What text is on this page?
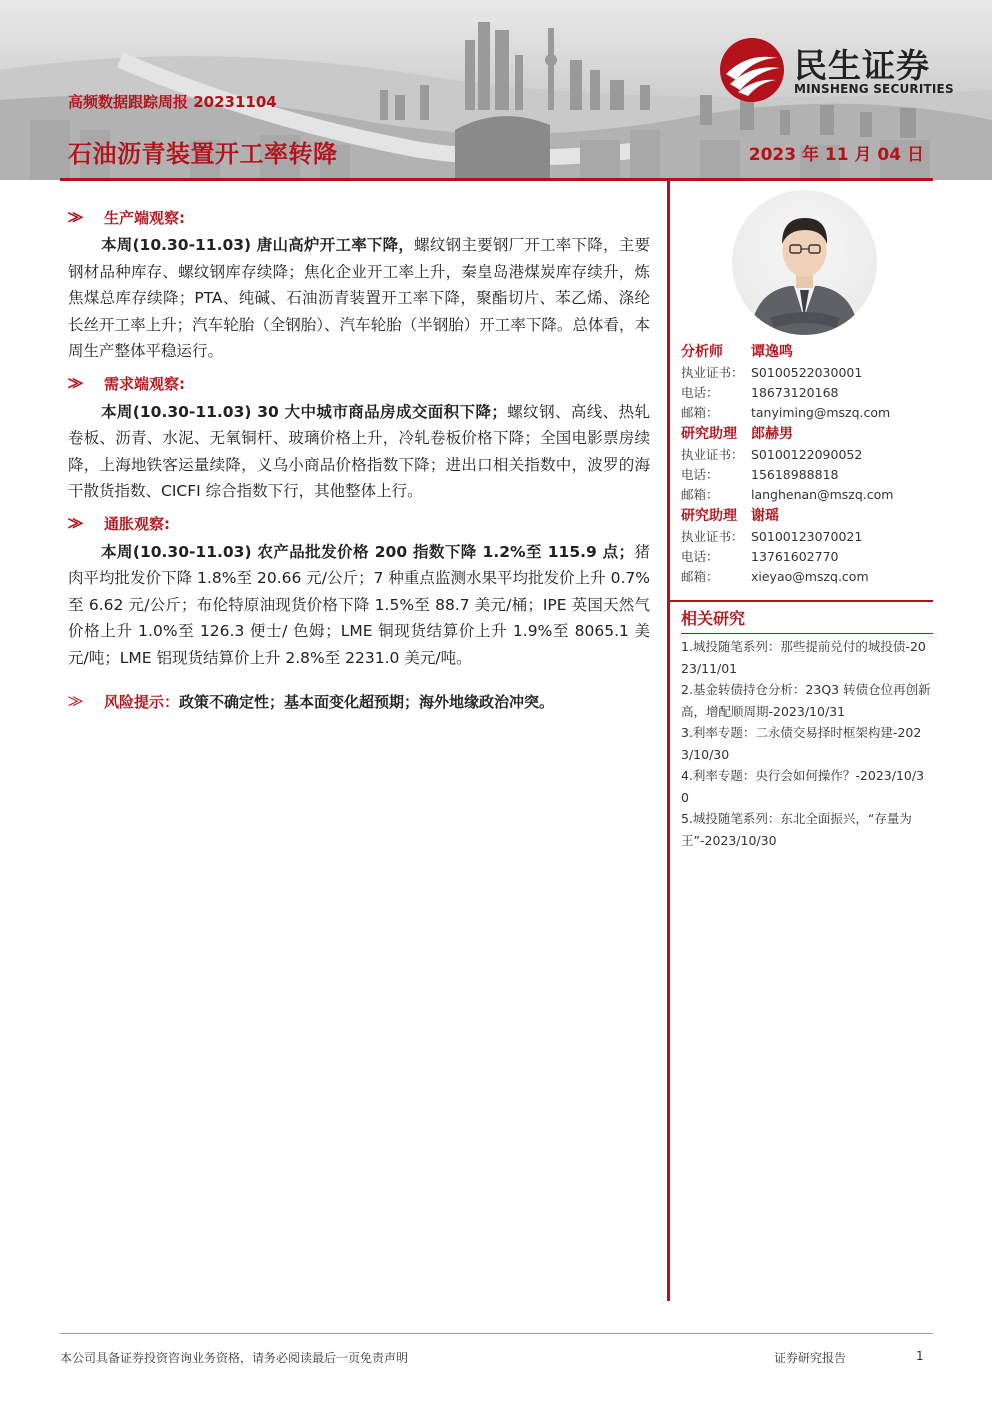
民生证券
MINSHENG SECURITIES
高频数据跟踪周报 20231104
石油沥青装置开工率转降	2023 年 11 月 04 日
⨠	生产端观察:

本周(10.30-11.03) 唐山高炉开工率下降，螺纹钢主要钢厂开工率下降，主要钢材品种库存、螺纹钢库存续降；焦化企业开工率上升，秦皇岛港煤炭库存续升，炼焦煤总库存续降；PTA、纯碱、石油沥青装置开工率下降，聚酯切片、苯乙烯、涤纶长丝开工率上升；汽车轮胎（全钢胎）、汽车轮胎（半钢胎）开工率下降。总体看，本周生产整体平稳运行。

⨠	需求端观察:

本周(10.30-11.03) 30 大中城市商品房成交面积下降；螺纹钢、高线、热轧卷板、沥青、水泥、无氧铜杆、玻璃价格上升，冷轧卷板价格下降；全国电影票房续降，上海地铁客运量续降，义乌小商品价格指数下降；进出口相关指数中，波罗的海干散货指数、CICFI 综合指数下行，其他整体上行。

⨠	通胀观察:

本周(10.30-11.03) 农产品批发价格 200 指数下降 1.2%至 115.9 点；猪肉平均批发价下降 1.8%至 20.66 元/公斤；7 种重点监测水果平均批发价上升 0.7%至 6.62 元/公斤；布伦特原油现货价格下降 1.5%至 88.7 美元/桶；IPE 英国天然气价格上升 1.0%至 126.3 便士/ 色姆；LME 铜现货结算价上升 1.9%至 8065.1 美元/吨；LME 铝现货结算价上升 2.8%至 2231.0 美元/吨。

⨠	风险提示： 政策不确定性；基本面变化超预期；海外地缘政治冲突。
分析师	谭逸鸣
执业证书： S0100522030001
电话：	18673120168
邮箱：	tanyiming@mszq.com
研究助理	郎赫男
执业证书： S0100122090052
电话：	15618988818
邮箱：	langhenan@mszq.com
研究助理	谢瑶
执业证书： S0100123070021
电话：	13761602770
邮箱：	xieyao@mszq.com
相关研究
1.城投随笔系列：那些提前兑付的城投债-2023/11/01
2.基金转债持仓分析：23Q3 转债仓位再创新高，增配顺周期-2023/10/31
3.利率专题：二永债交易择时框架构建-2023/10/30
4.利率专题：央行会如何操作？-2023/10/30
5.城投随笔系列：东北全面振兴，“存量为王”-2023/10/30
本公司具备证券投资咨询业务资格，请务必阅读最后一页免责声明	证券研究报告	1
